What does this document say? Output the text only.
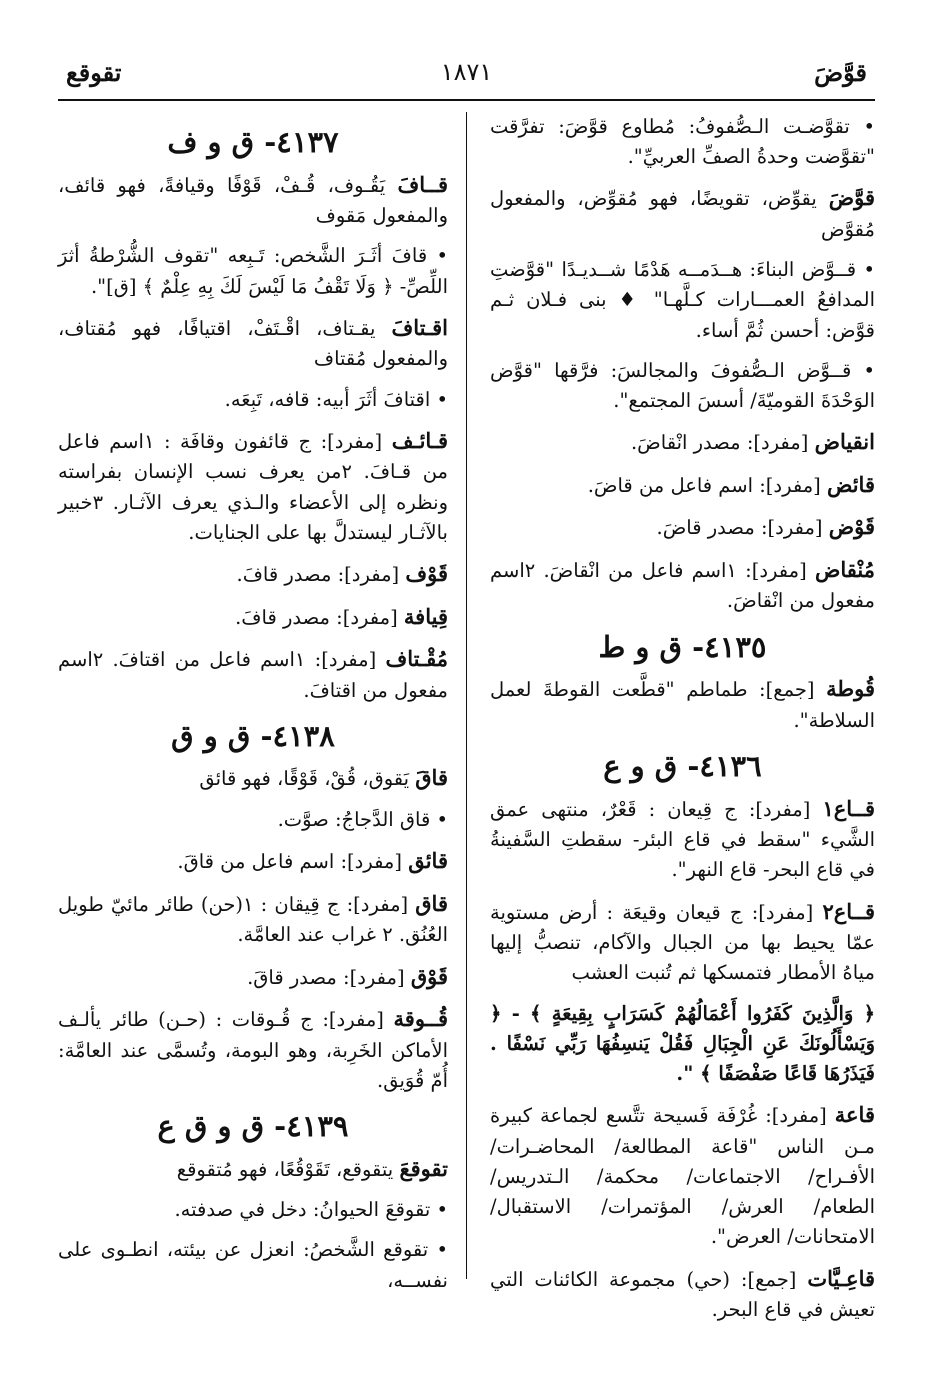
قوَّضَ
١٨٧١
تقوقع
• تقوَّضـت الـصُّفوفُ: مُطاوع قوَّضَ: تفرَّقت "تقوَّضت وحدةُ الصفِّ العربيِّ".
قوَّضَ يقوِّض، تقويضًا، فهو مُقوِّض، والمفعول مُقوَّض
• قــوَّض البناءَ: هــدَمــه هَدْمًا شــديـدًا "قوَّضتِ المدافعُ العمـــارات كـلَّهـا" ♦ بنى فـلان ثـم قوَّض: أحسن ثُمَّ أساء.
• قــوَّض الـصُّفوفَ والمجالسَ: فرَّقها "قوَّض الوَحْدَةَ القوميّةَ/ أسسَ المجتمع".
انقياض [مفرد]: مصدر انْقاضَ.
قائض [مفرد]: اسم فاعل من قاضَ.
قَوْض [مفرد]: مصدر قاضَ.
مُنْقاض [مفرد]: ١اسم فاعل من انْقاضَ. ٢اسم مفعول من انْقاضَ.
٤١٣٥- ق و ط
قُوطة [جمع]: طماطم "قطَّعت القوطةَ لعمل السلاطة".
٤١٣٦- ق و ع
قــاع١ [مفرد]: ج قِيعان : قَعْرٌ، منتهى عمق الشَّيء "سقط في قاع البئر- سقطتِ السَّفينةُ في قاع البحر- قاع النهر".
قــاع٢ [مفرد]: ج قيعان وقيعَة : أرض مستوية عمّا يحيط بها من الجبال والآكام، تنصبُّ إليها مياهُ الأمطار فتمسكها ثم تُنبت العشب
﴿ وَالَّذِينَ كَفَرُوا أَعْمَالُهُمْ كَسَرَابٍ بِقِيعَةٍ ﴾ - ﴿ وَيَسْأَلُونَكَ عَنِ الْجِبَالِ فَقُلْ يَنسِفُهَا رَبِّي نَسْفًا . فَيَذَرُهَا قَاعًا صَفْصَفًا ﴾ ".
قاعة [مفرد]: غُرْفَة فَسيحة تتَّسع لجماعة كبيرة مـن الناس "قاعة المطالعة/ المحاضـرات/ الأفـراح/ الاجتماعات/ محكمة/ الـتدريس/ الطعام/ العرش/ المؤتمرات/ الاستقبال/ الامتحانات/ العرض".
قاعِـيَّات [جمع]: (حي) مجموعة الكائنات التي تعيش في قاع البحر.
٤١٣٧- ق و ف
قــافَ يَقُـوف، قُـفْ، قَوْفًا وقيافةً، فهو قائف، والمفعول مَقوف
• قافَ أثَـرَ الشَّخص: تَـبِعه "تقوف الشُّرْطةُ أثرَ اللِّصِّ- ﴿ وَلَا تَقْفُ مَا لَيْسَ لَكَ بِهِ عِلْمٌ ﴾ [ق]".
اقـتافَ يقـتاف، اقْـتَفْ، اقتيافًا، فهو مُقتاف، والمفعول مُقتاف
• اقتافَ أثَرَ أبيه: قافه، تَبِعَه.
قـائـف [مفرد]: ج قائفون وقافَة : ١اسم فاعل من قـافَ. ٢من يعرف نسب الإنسان بفراسته ونظره إلى الأعضاء والـذي يعرف الآثـار. ٣خبير بالآثـار ليستدلَّ بها على الجنايات.
قَوْف [مفرد]: مصدر قافَ.
قِيافة [مفرد]: مصدر قافَ.
مُقْـتاف [مفرد]: ١اسم فاعل من اقتافَ. ٢اسم مفعول من اقتافَ.
٤١٣٨- ق و ق
قاقَ يَقوق، قُقْ، قَوْقًا، فهو قائق
• قاق الدَّجاجُ: صوَّت.
قائق [مفرد]: اسم فاعل من قاقَ.
قاق [مفرد]: ج قِيقان : ١(حن) طائر مائيّ طويل العُنُق. ٢ غراب عند العامَّة.
قَوْق [مفرد]: مصدر قاقَ.
قُــوقة [مفرد]: ج قُـوقات : (حـن) طائر يألـف الأماكن الخَرِبة، وهو البومة، وتُسمَّى عند العامَّة: أُمّ قُوَيق.
٤١٣٩- ق و ق ع
تقوقعَ يتقوقع، تَقَوْقُعًا، فهو مُتقوقع
• تقوقعَ الحيوانُ: دخل في صدفته.
• تقوقع الشَّخصُ: انعزل عن بيئته، انطـوى على نفســه،
